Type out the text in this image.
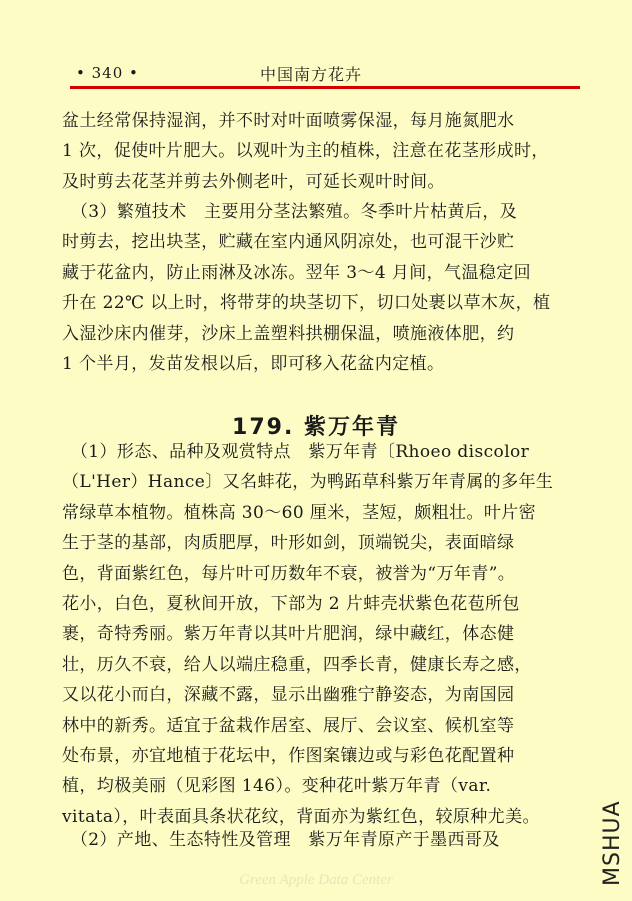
• 340 •	中国南方花卉

盆土经常保持湿润，并不时对叶面喷雾保湿，每月施氮肥水
1 次，促使叶片肥大。以观叶为主的植株，注意在花茎形成时，
及时剪去花茎并剪去外侧老叶，可延长观叶时间。

　（3）繁殖技术　主要用分茎法繁殖。冬季叶片枯黄后，及
时剪去，挖出块茎，贮藏在室内通风阴凉处，也可混干沙贮
藏于花盆内，防止雨淋及冰冻。翌年 3～4 月间，气温稳定回
升在 22℃ 以上时，将带芽的块茎切下，切口处裹以草木灰，植
入湿沙床内催芽，沙床上盖塑料拱棚保温，喷施液体肥，约
1 个半月，发苗发根以后，即可移入花盆内定植。

179. 紫万年青

　（1）形态、品种及观赏特点　紫万年青〔Rhoeo discolor
（L'Her）Hance〕又名蚌花，为鸭跖草科紫万年青属的多年生
常绿草本植物。植株高 30～60 厘米，茎短，颇粗壮。叶片密
生于茎的基部，肉质肥厚，叶形如剑，顶端锐尖，表面暗绿
色，背面紫红色，每片叶可历数年不衰，被誉为“万年青”。
花小，白色，夏秋间开放，下部为 2 片蚌壳状紫色花苞所包
裹，奇特秀丽。紫万年青以其叶片肥润，绿中藏红，体态健
壮，历久不衰，给人以端庄稳重，四季长青，健康长寿之感，
又以花小而白，深藏不露，显示出幽雅宁静姿态，为南国园
林中的新秀。适宜于盆栽作居室、展厅、会议室、候机室等
处布景，亦宜地植于花坛中，作图案镶边或与彩色花配置种
植，均极美丽（见彩图 146）。变种花叶紫万年青（var.
vitata），叶表面具条状花纹，背面亦为紫红色，较原种尤美。

　（2）产地、生态特性及管理　紫万年青原产于墨西哥及	MSHUA
Green Apple Data Center
